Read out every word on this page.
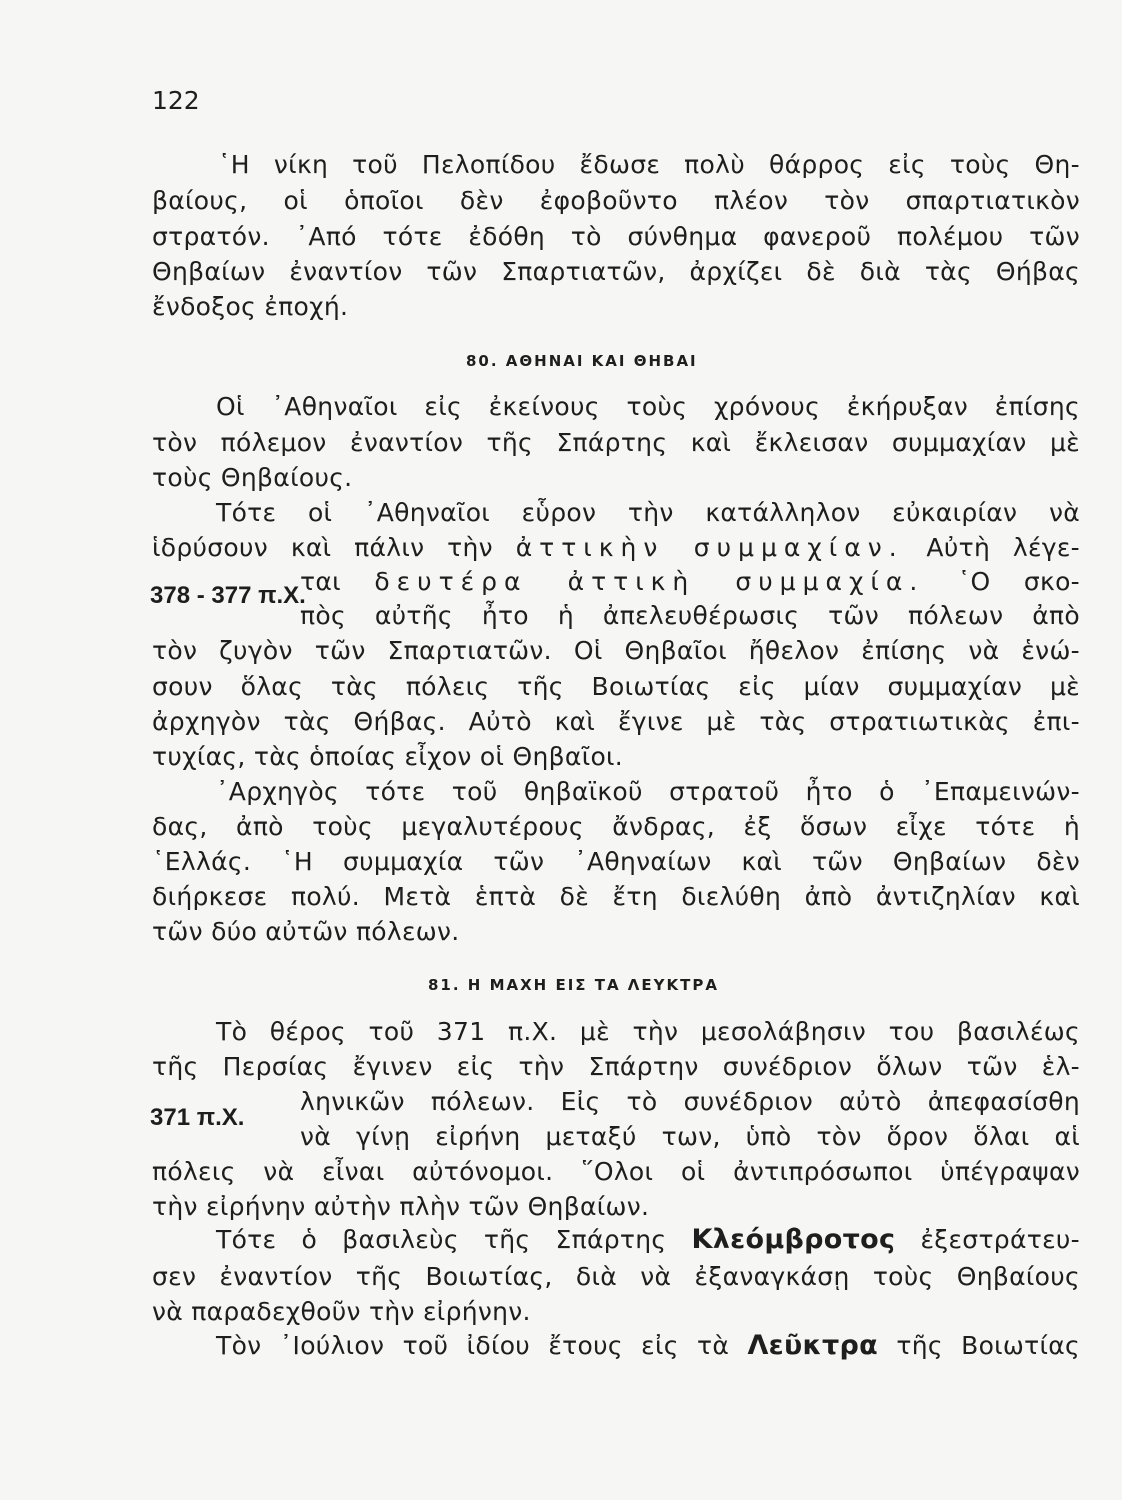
122
῾Η νίκη τοῦ Πελοπίδου ἔδωσε πολὺ θάρρος εἰς τοὺς Θη-
βαίους, οἱ ὁποῖοι δὲν ἐφοβοῦντο πλέον τὸν σπαρτιατικὸν
στρατόν. ᾿Από τότε ἐδόθη τὸ σύνθημα φανεροῦ πολέμου τῶν
Θηβαίων ἐναντίον τῶν Σπαρτιατῶν, ἀρχίζει δὲ διὰ τὰς Θήβας
ἔνδοξος ἐποχή.
80. ΑΘΗΝΑΙ ΚΑΙ ΘΗΒΑΙ
Οἱ ᾿Αθηναῖοι εἰς ἐκείνους τοὺς χρόνους ἐκήρυξαν ἐπίσης
τὸν πόλεμον ἐναντίον τῆς Σπάρτης καὶ ἔκλεισαν συμμαχίαν μὲ
τοὺς Θηβαίους.
Τότε οἱ ᾿Αθηναῖοι εὗρον τὴν κατάλληλον εὐκαιρίαν νὰ
ἱδρύσουν καὶ πάλιν τὴν ἀττικὴν συμμαχίαν. Αὐτὴ λέγε-
378 - 377 π.Χ.
ται δευτέρα ἀττικὴ συμμαχία. ῾Ο σκο-
πὸς αὐτῆς ἦτο ἡ ἀπελευθέρωσις τῶν πόλεων ἀπὸ
τὸν ζυγὸν τῶν Σπαρτιατῶν. Οἱ Θηβαῖοι ἤθελον ἐπίσης νὰ ἑνώ-
σουν ὅλας τὰς πόλεις τῆς Βοιωτίας εἰς μίαν συμμαχίαν μὲ
ἀρχηγὸν τὰς Θήβας. Αὐτὸ καὶ ἔγινε μὲ τὰς στρατιωτικὰς ἐπι-
τυχίας, τὰς ὁποίας εἶχον οἱ Θηβαῖοι.
᾿Αρχηγὸς τότε τοῦ θηβαϊκοῦ στρατοῦ ἦτο ὁ ᾿Επαμεινών-
δας, ἀπὸ τοὺς μεγαλυτέρους ἄνδρας, ἐξ ὅσων εἶχε τότε ἡ
῾Ελλάς. ῾Η συμμαχία τῶν ᾿Αθηναίων καὶ τῶν Θηβαίων δὲν
διήρκεσε πολύ. Μετὰ ἑπτὰ δὲ ἔτη διελύθη ἀπὸ ἀντιζηλίαν καὶ
τῶν δύο αὐτῶν πόλεων.
81. Η ΜΑΧΗ ΕΙΣ ΤΑ ΛΕΥΚΤΡΑ
Τὸ θέρος τοῦ 371 π.Χ. μὲ τὴν μεσολάβησιν του βασιλέως
τῆς Περσίας ἔγινεν εἰς τὴν Σπάρτην συνέδριον ὅλων τῶν ἑλ-
371 π.Χ.
ληνικῶν πόλεων. Εἰς τὸ συνέδριον αὐτὸ ἀπεφασίσθη
νὰ γίνῃ εἰρήνη μεταξύ των, ὑπὸ τὸν ὅρον ὅλαι αἱ
πόλεις νὰ εἶναι αὐτόνομοι. ῞Ολοι οἱ ἀντιπρόσωποι ὑπέγραψαν
τὴν εἰρήνην αὐτὴν πλὴν τῶν Θηβαίων.
Τότε ὁ βασιλεὺς τῆς Σπάρτης Κλεόμβροτος ἐξεστράτευ-
σεν ἐναντίον τῆς Βοιωτίας, διὰ νὰ ἐξαναγκάσῃ τοὺς Θηβαίους
νὰ παραδεχθοῦν τὴν εἰρήνην.
Τὸν ᾿Ιούλιον τοῦ ἰδίου ἔτους εἰς τὰ Λεῦκτρα τῆς Βοιωτίας
